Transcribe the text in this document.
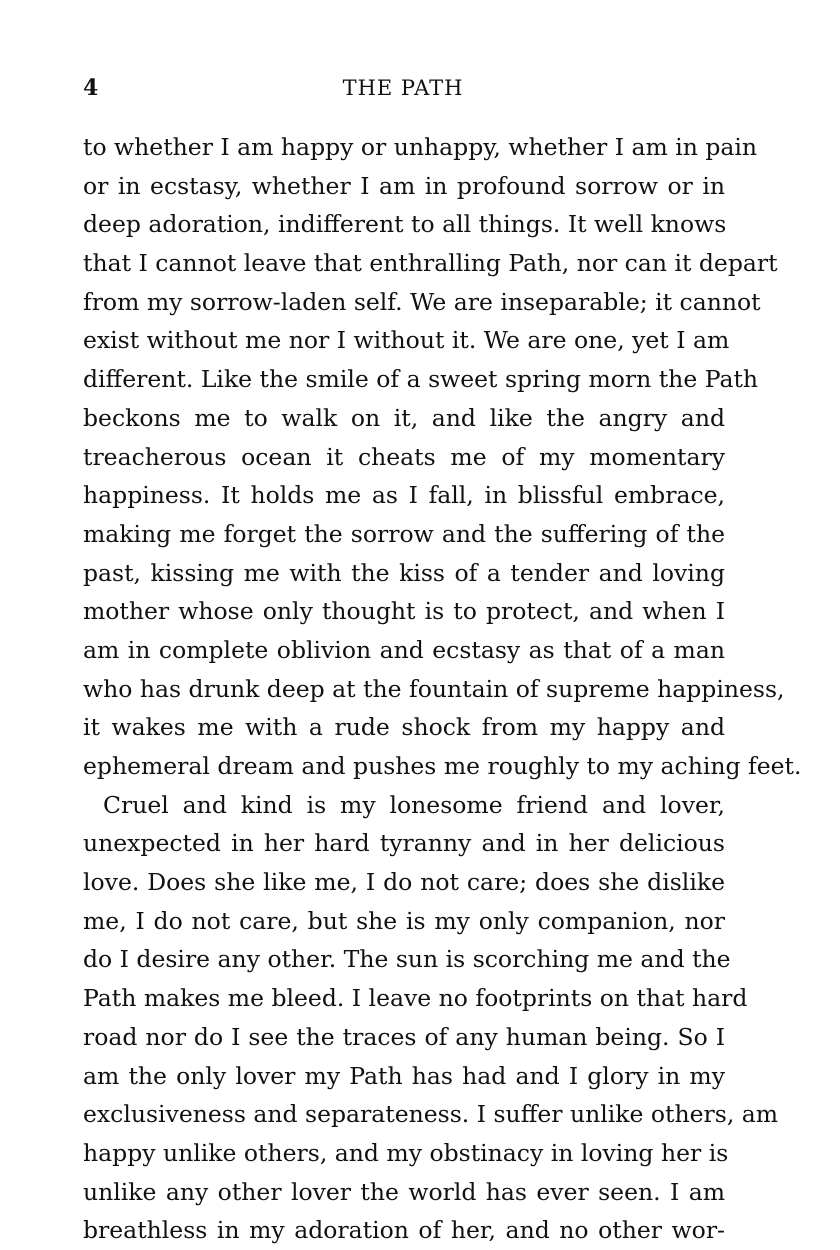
4	THE PATH
to whether I am happy or unhappy, whether I am in pain
or in ecstasy, whether I am in profound sorrow or in
deep adoration, indifferent to all things. It well knows
that I cannot leave that enthralling Path, nor can it depart
from my sorrow-laden self. We are inseparable; it cannot
exist without me nor I without it. We are one, yet I am
different. Like the smile of a sweet spring morn the Path
beckons me to walk on it, and like the angry and
treacherous ocean it cheats me of my momentary
happiness. It holds me as I fall, in blissful embrace,
making me forget the sorrow and the suffering of the
past, kissing me with the kiss of a tender and loving
mother whose only thought is to protect, and when I
am in complete oblivion and ecstasy as that of a man
who has drunk deep at the fountain of supreme happiness,
it wakes me with a rude shock from my happy and
ephemeral dream and pushes me roughly to my aching feet.
Cruel and kind is my lonesome friend and lover,
unexpected in her hard tyranny and in her delicious
love. Does she like me, I do not care; does she dislike
me, I do not care, but she is my only companion, nor
do I desire any other. The sun is scorching me and the
Path makes me bleed. I leave no footprints on that hard
road nor do I see the traces of any human being. So I
am the only lover my Path has had and I glory in my
exclusiveness and separateness. I suffer unlike others, am
happy unlike others, and my obstinacy in loving her is
unlike any other lover the world has ever seen. I am
breathless in my adoration of her, and no other wor-
